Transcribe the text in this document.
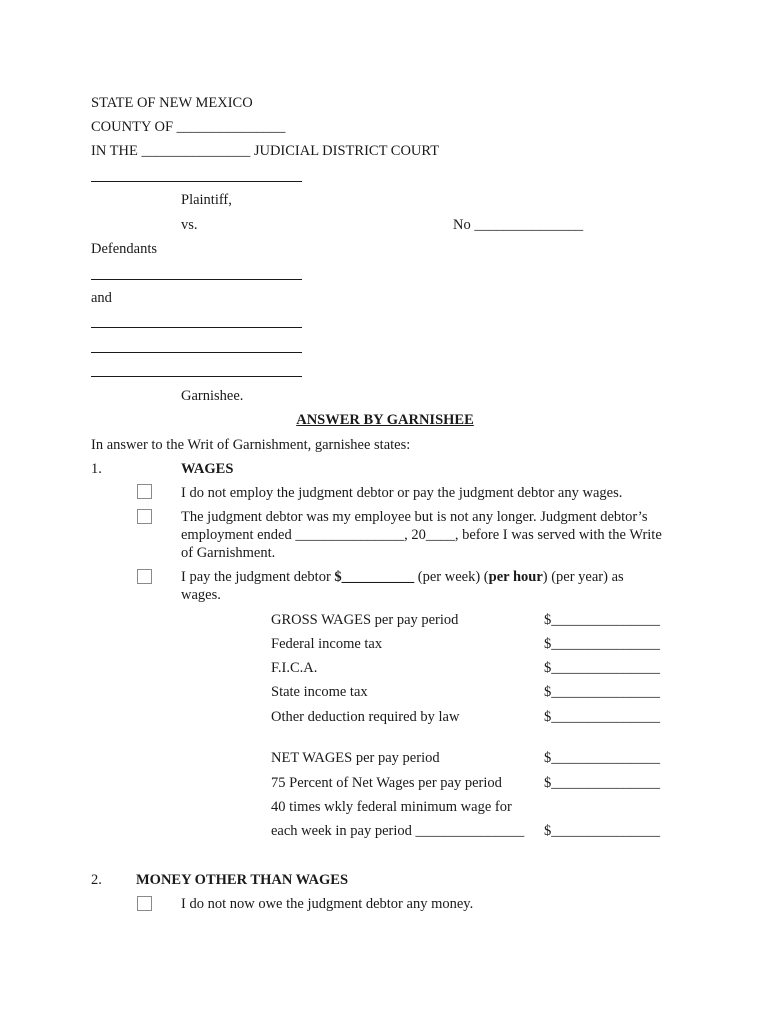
STATE OF NEW MEXICO
COUNTY OF _______________
IN THE _______________ JUDICIAL DISTRICT COURT
Plaintiff,
vs.	No _______________
Defendants
and
Garnishee.
ANSWER BY GARNISHEE
In answer to the Writ of Garnishment, garnishee states:
1.	WAGES
I do not employ the judgment debtor or pay the judgment debtor any wages.
The judgment debtor was my employee but is not any longer. Judgment debtor’s employment ended _______________, 20____, before I was served with the Write of Garnishment.
I pay the judgment debtor $__________ (per week) (per hour) (per year) as wages.
GROSS WAGES per pay period	$_______________
Federal income tax	$_______________
F.I.C.A.	$_______________
State income tax	$_______________
Other deduction required by law	$_______________
NET WAGES per pay period	$_______________
75 Percent of Net Wages per pay period	$_______________
40 times wkly federal minimum wage for
each week in pay period _______________ $_______________
2. MONEY OTHER THAN WAGES
I do not now owe the judgment debtor any money.
